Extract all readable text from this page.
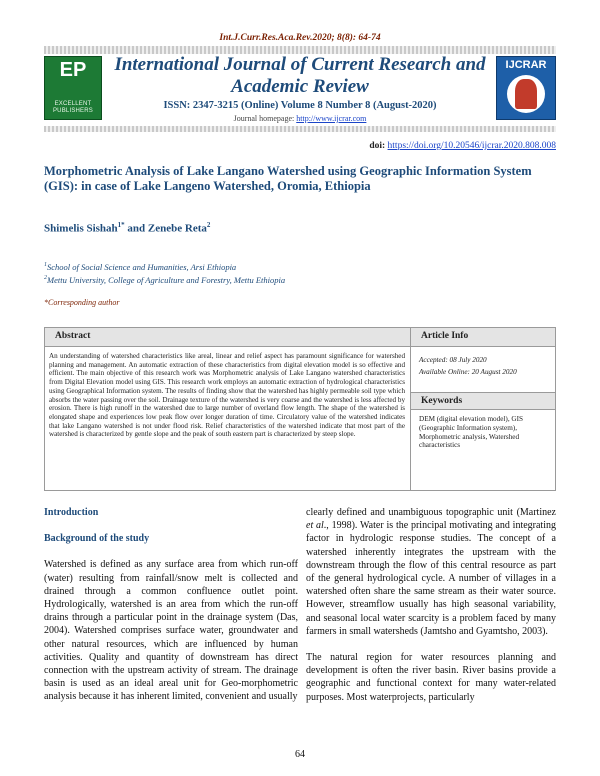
Int.J.Curr.Res.Aca.Rev.2020; 8(8): 64-74
EP
EXCELLENT PUBLISHERS
International Journal of Current Research and Academic Review
ISSN: 2347-3215 (Online) Volume 8 Number 8 (August-2020)
Journal homepage: http://www.ijcrar.com
IJCRAR
doi: https://doi.org/10.20546/ijcrar.2020.808.008
Morphometric Analysis of Lake Langano Watershed using Geographic Information System (GIS): in case of Lake Langeno Watershed, Oromia, Ethiopia
Shimelis Sishah$^{1*}$ and Zenebe Reta$^2$
$^1$School of Social Science and Humanities, Arsi Ethiopia
$^2$Mettu University, College of Agriculture and Forestry, Mettu Ethiopia
*Corresponding author
Abstract	Article Info
An understanding of watershed characteristics like areal, linear and relief aspect has paramount significance for watershed planning and management. An automatic extraction of these characteristics from digital elevation model is so effective and efficient. The main objective of this research work was Morphometric analysis of Lake Langano watershed characteristics from Digital Elevation model using GIS. This research work employs an automatic extraction of hydrological characteristics using Geographical Information system. The results of finding show that the watershed has highly permeable soil type which absorbs the water passing over the soil. Drainage texture of the watershed is very coarse and the watershed is less affected by erosion. There is high runoff in the watershed due to large number of overland flow length. The shape of the watershed is elongated shape and experiences low peak flow over longer duration of time. Circulatory value of the watershed indicates that lake Langano watershed is not under flood risk. Relief characteristics of the watershed indicate that most part of the watershed is characterized by gentle slope and the peak of south eastern part is characterized by steep slope.
Accepted: 08 July 2020
Available Online: 20 August 2020
Keywords
DEM (digital elevation model), GIS (Geographic Information system), Morphometric analysis, Watershed characteristics
Introduction
Background of the study

Watershed is defined as any surface area from which run-off (water) resulting from rainfall/snow melt is collected and drained through a common confluence outlet point. Hydrologically, watershed is an area from which the run-off drains through a particular point in the drainage system (Das, 2004). Watershed comprises surface water, groundwater and other natural resources, which are influenced by human activities. Quality and quantity of downstream has direct connection with the upstream activity of stream. The drainage basin is used as an ideal areal unit for Geo-morphometric analysis because it has inherent limited, convenient and usually

clearly defined and unambiguous topographic unit (Martinez et al., 1998). Water is the principal motivating and integrating factor in hydrologic response studies. The concept of a watershed inherently integrates the upstream with the downstream through the flow of this central resource as part of the general hydrological cycle. A number of villages in a watershed often share the same stream as their water source. However, streamflow usually has high seasonal variability, and seasonal local water scarcity is a problem faced by many farmers in small watersheds (Jamtsho and Gyamtsho, 2003).

The natural region for water resources planning and development is often the river basin. River basins provide a geographic and functional context for many water-related purposes. Most waterprojects, particularly

64
